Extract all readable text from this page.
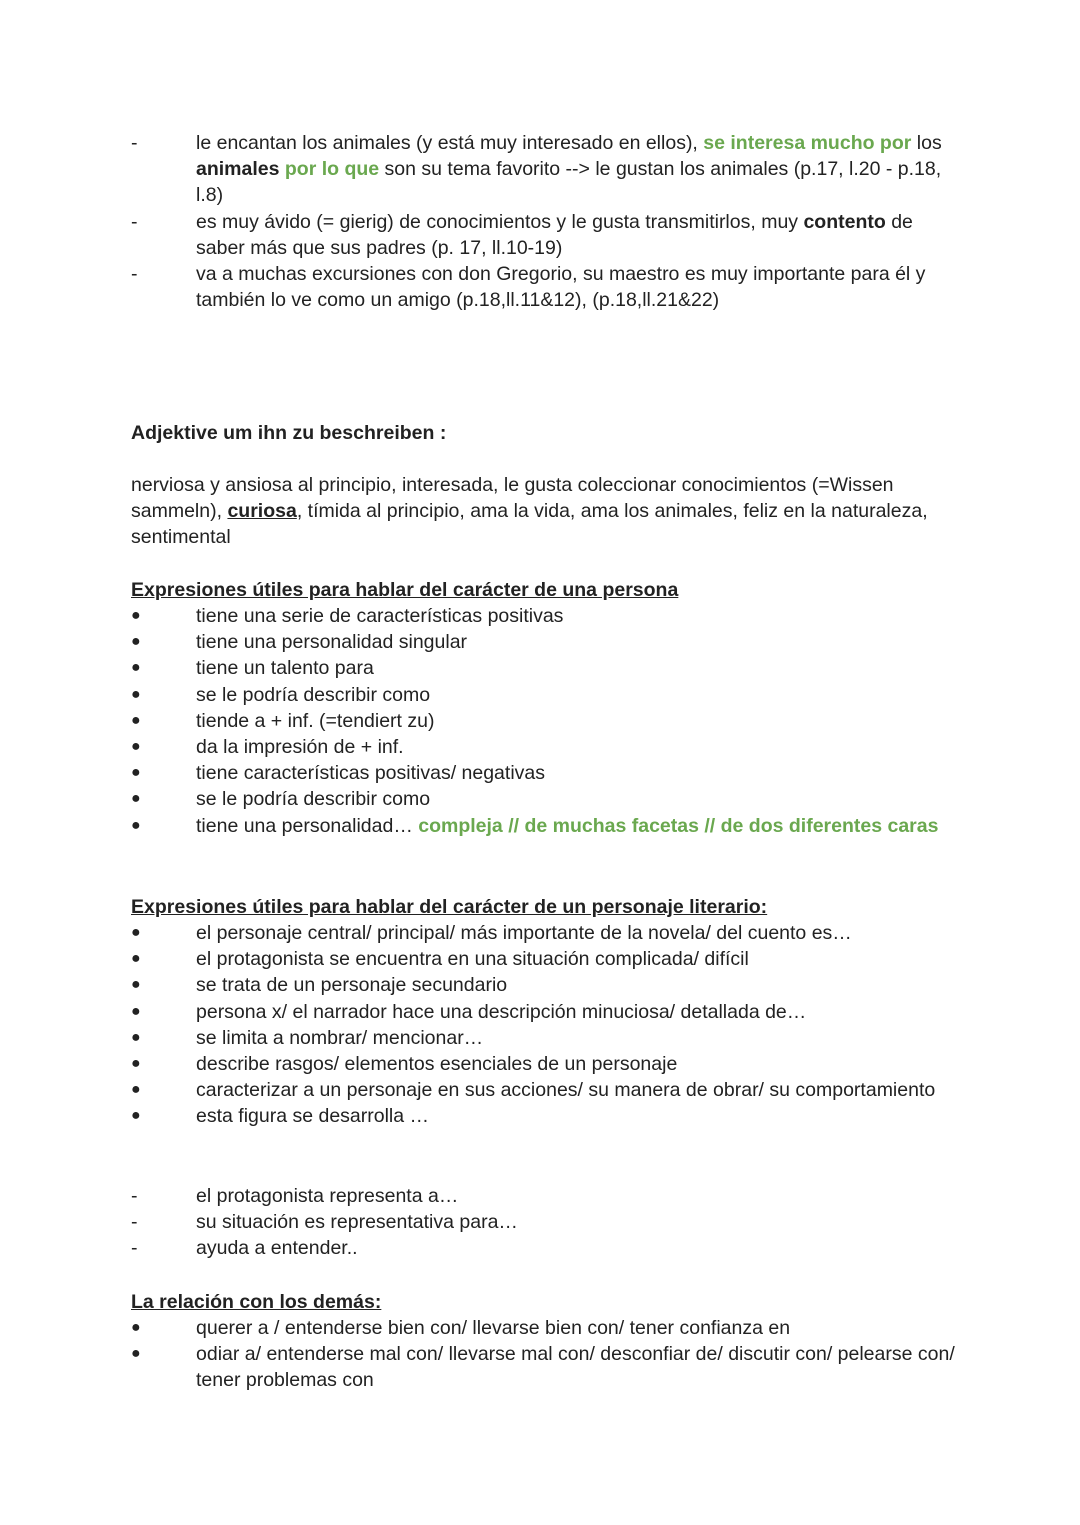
-	le encantan los animales (y está muy interesado en ellos), se interesa mucho por los animales por lo que son su tema favorito --> le gustan los animales (p.17, l.20 - p.18, l.8)
-	es muy ávido (= gierig) de conocimientos y le gusta transmitirlos, muy contento de saber más que sus padres (p. 17, ll.10-19)
-	va a muchas excursiones con don Gregorio, su maestro es muy importante para él y también lo ve como un amigo (p.18,ll.11&12), (p.18,ll.21&22)

Adjektive um ihn zu beschreiben :

nerviosa y ansiosa al principio, interesada, le gusta coleccionar conocimientos (=Wissen sammeln), curiosa, tímida al principio, ama la vida, ama los animales, feliz en la naturaleza, sentimental

Expresiones útiles para hablar del carácter de una persona

●	tiene una serie de características positivas
●	tiene una personalidad singular
●	tiene un talento para
●	se le podría describir como
●	tiende a + inf. (=tendiert zu)
●	da la impresión de + inf.
●	tiene características positivas/ negativas
●	se le podría describir como
●	tiene una personalidad… compleja // de muchas facetas // de dos diferentes caras

Expresiones útiles para hablar del carácter de un personaje literario:

●	el personaje central/ principal/ más importante de la novela/ del cuento es…
●	el protagonista se encuentra en una situación complicada/ difícil
●	se trata de un personaje secundario
●	persona x/ el narrador hace una descripción minuciosa/ detallada de…
●	se limita a nombrar/ mencionar…
●	describe rasgos/ elementos esenciales de un personaje
●	caracterizar a un personaje en sus acciones/ su manera de obrar/ su comportamiento
●	esta figura se desarrolla …
-	el protagonista representa a…
-	su situación es representativa para…
-	ayuda a entender..

La relación con los demás:

●	querer a / entenderse bien con/ llevarse bien con/ tener confianza en
●	odiar a/ entenderse mal con/ llevarse mal con/ desconfiar de/ discutir con/ pelearse con/ tener problemas con
